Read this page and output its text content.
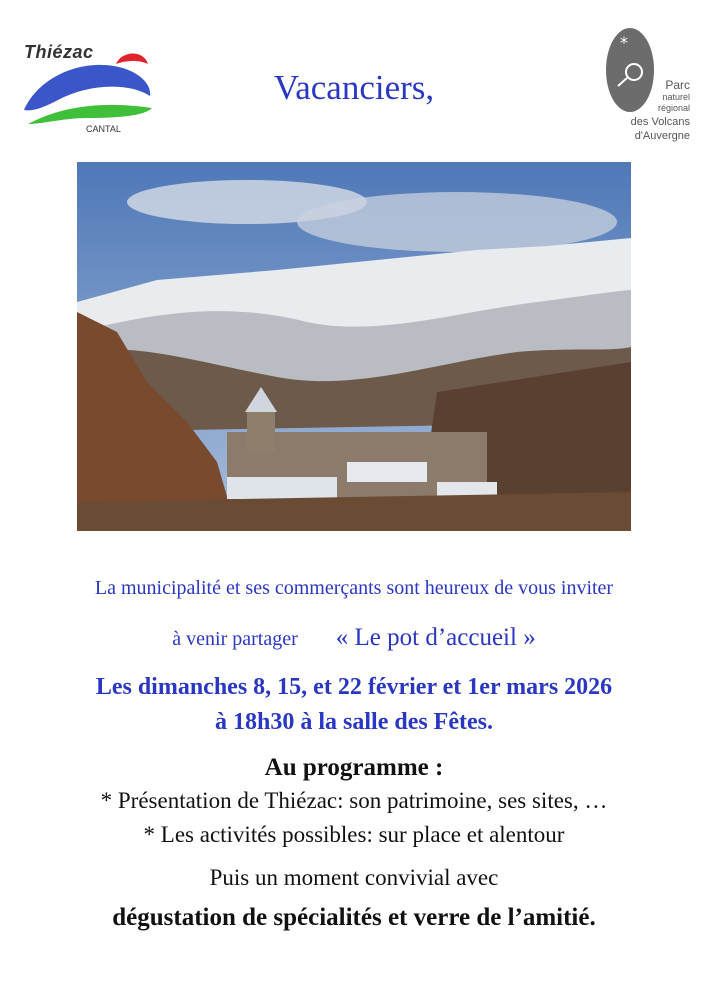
Thiézac
CANTAL
*
Parc
naturel
régional
des Volcans
d'Auvergne
Vacanciers,
La municipalité et ses commerçants sont heureux de vous inviter
à venir partager « Le pot d’accueil »
Les dimanches 8, 15, et 22 février et 1er mars 2026
à 18h30 à la salle des Fêtes.
Au programme :
* Présentation de Thiézac: son patrimoine, ses sites, …
* Les activités possibles: sur place et alentour
Puis un moment convivial avec
dégustation de spécialités et verre de l’amitié.
